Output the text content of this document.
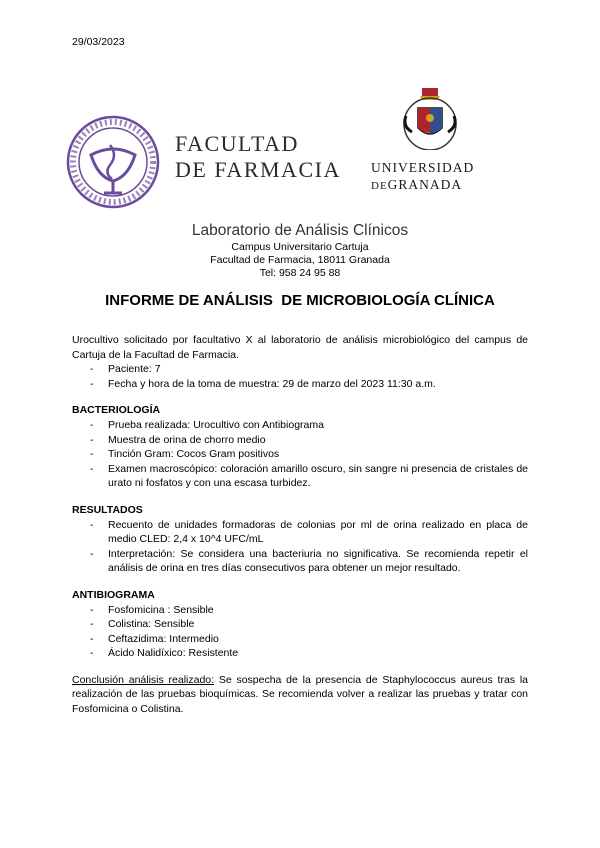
29/03/2023
FACULTAD
DE FARMACIA UNIVERSIDAD
DEGRANADA
Laboratorio de Análisis Clínicos
Campus Universitario Cartuja
Facultad de Farmacia, 18011 Granada
Tel: 958 24 95 88
INFORME DE ANÁLISIS  DE MICROBIOLOGÍA CLÍNICA

Urocultivo solicitado por facultativo X al laboratorio de análisis microbiológico del campus de Cartuja de la Facultad de Farmacia.

- Paciente: 7
- Fecha y hora de la toma de muestra: 29 de marzo del 2023 11:30 a.m.

BACTERIOLOGÍA

- Prueba realizada: Urocultivo con Antibiograma
- Muestra de orina de chorro medio
- Tinción Gram: Cocos Gram positivos
- Examen macroscópico: coloración amarillo oscuro, sin sangre ni presencia de cristales de urato ni fosfatos y con una escasa turbidez.

RESULTADOS

- Recuento de unidades formadoras de colonias por ml de orina realizado en placa de medio CLED: 2,4 x 10^4 UFC/mL
- Interpretación: Se considera una bacteriuria no significativa. Se recomienda repetir el análisis de orina en tres días consecutivos para obtener un mejor resultado.

ANTIBIOGRAMA

- Fosfomicina : Sensible
- Colistina: Sensible
- Ceftazidima: Intermedio
- Ácido Nalidíxico: Resistente

Conclusión análisis realizado: Se sospecha de la presencia de Staphylococcus aureus tras la realización de las pruebas bioquímicas. Se recomienda volver a realizar las pruebas y tratar con Fosfomicina o Colistina.
